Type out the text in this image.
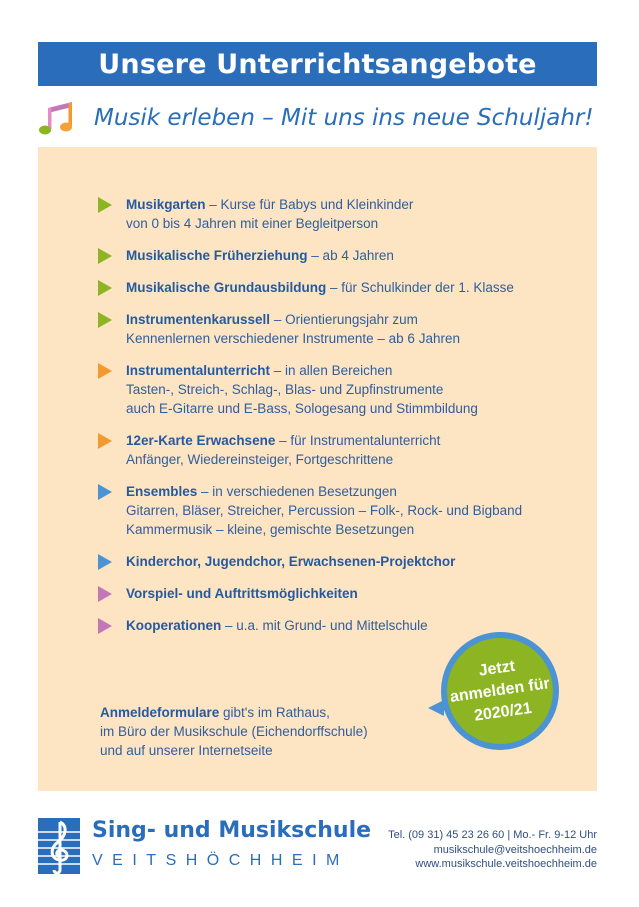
Unsere Unterrichtsangebote
Musik erleben – Mit uns ins neue Schuljahr!
Musikgarten – Kurse für Babys und Kleinkinder
von 0 bis 4 Jahren mit einer Begleitperson
Musikalische Früherziehung – ab 4 Jahren
Musikalische Grundausbildung – für Schulkinder der 1. Klasse
Instrumentenkarussell – Orientierungsjahr zum
Kennenlernen verschiedener Instrumente – ab 6 Jahren
Instrumentalunterricht – in allen Bereichen
Tasten-, Streich-, Schlag-, Blas- und Zupfinstrumente
auch E-Gitarre und E-Bass, Sologesang und Stimmbildung
12er-Karte Erwachsene – für Instrumentalunterricht
Anfänger, Wiedereinsteiger, Fortgeschrittene
Ensembles – in verschiedenen Besetzungen
Gitarren, Bläser, Streicher, Percussion – Folk-, Rock- und Bigband
Kammermusik – kleine, gemischte Besetzungen
Kinderchor, Jugendchor, Erwachsenen-Projektchor
Vorspiel- und Auftrittsmöglichkeiten
Kooperationen – u.a. mit Grund- und Mittelschule
Anmeldeformulare gibt's im Rathaus,
im Büro der Musikschule (Eichendorffschule)
und auf unserer Internetseite
Jetzt
anmelden für
2020/21
Sing- und Musikschule
VEITSHÖCHHEIM
Tel. (09 31) 45 23 26 60 | Mo.- Fr. 9-12 Uhr
musikschule@veitshoechheim.de
www.musikschule.veitshoechheim.de
